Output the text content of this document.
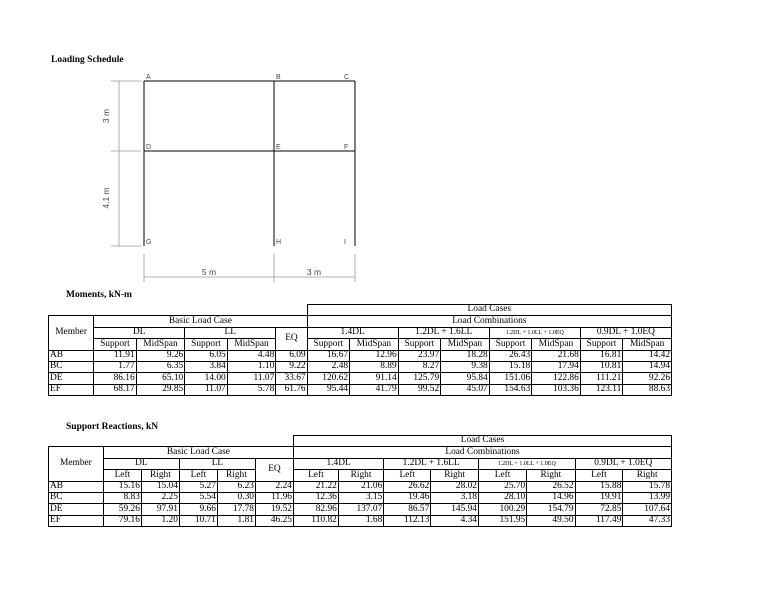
Loading Schedule
A	B	C
D	E	F
G	H	I
3 m
4.1 m
5 m	3 m
Moments, kN-m
						Load Cases							
Member	Basic Load Case					Load Combinations							
	DL		LL		EQ	1.4DL		1.2DL + 1.6LL		1.2DL + 1.0LL + 1.0EQ		0.9DL + 1.0EQ	
	Support	MidSpan	Support	MidSpan		Support	MidSpan	Support	MidSpan	Support	MidSpan	Support	MidSpan
AB	11.91	9.26	6.05	4.48	6.09	16.67	12.96	23.97	18.28	26.43	21.68	16.81	14.42
BC	1.77	6.35	3.84	1.10	9.22	2.48	8.89	8.27	9.38	15.18	17.94	10.81	14.94
DE	86.16	65.10	14.00	11.07	33.67	120.62	91.14	125.79	95.84	151.06	122.86	111.21	92.26
EF	68.17	29.85	11.07	5.78	61.76	95.44	41.79	99.52	45.07	154.63	103.36	123.11	88.63
Support Reactions, kN
						Load Cases							
Member	Basic Load Case					Load Combinations							
	DL		LL		EQ	1.4DL		1.2DL + 1.6LL		1.2DL + 1.0LL + 1.0EQ		0.9DL + 1.0EQ	
	Left	Right	Left	Right		Left	Right	Left	Right	Left	Right	Left	Right
AB	15.16	15.04	5.27	6.23	2.24	21.22	21.06	26.62	28.02	25.70	26.52	15.88	15.78
BC	8.83	2.25	5.54	0.30	11.96	12.36	3.15	19.46	3.18	28.10	14.96	19.91	13.99
DE	59.26	97.91	9.66	17.78	19.52	82.96	137.07	86.57	145.94	100.29	154.79	72.85	107.64
EF	79.16	1.20	10.71	1.81	46.25	110.82	1.68	112.13	4.34	151.95	49.50	117.49	47.33
